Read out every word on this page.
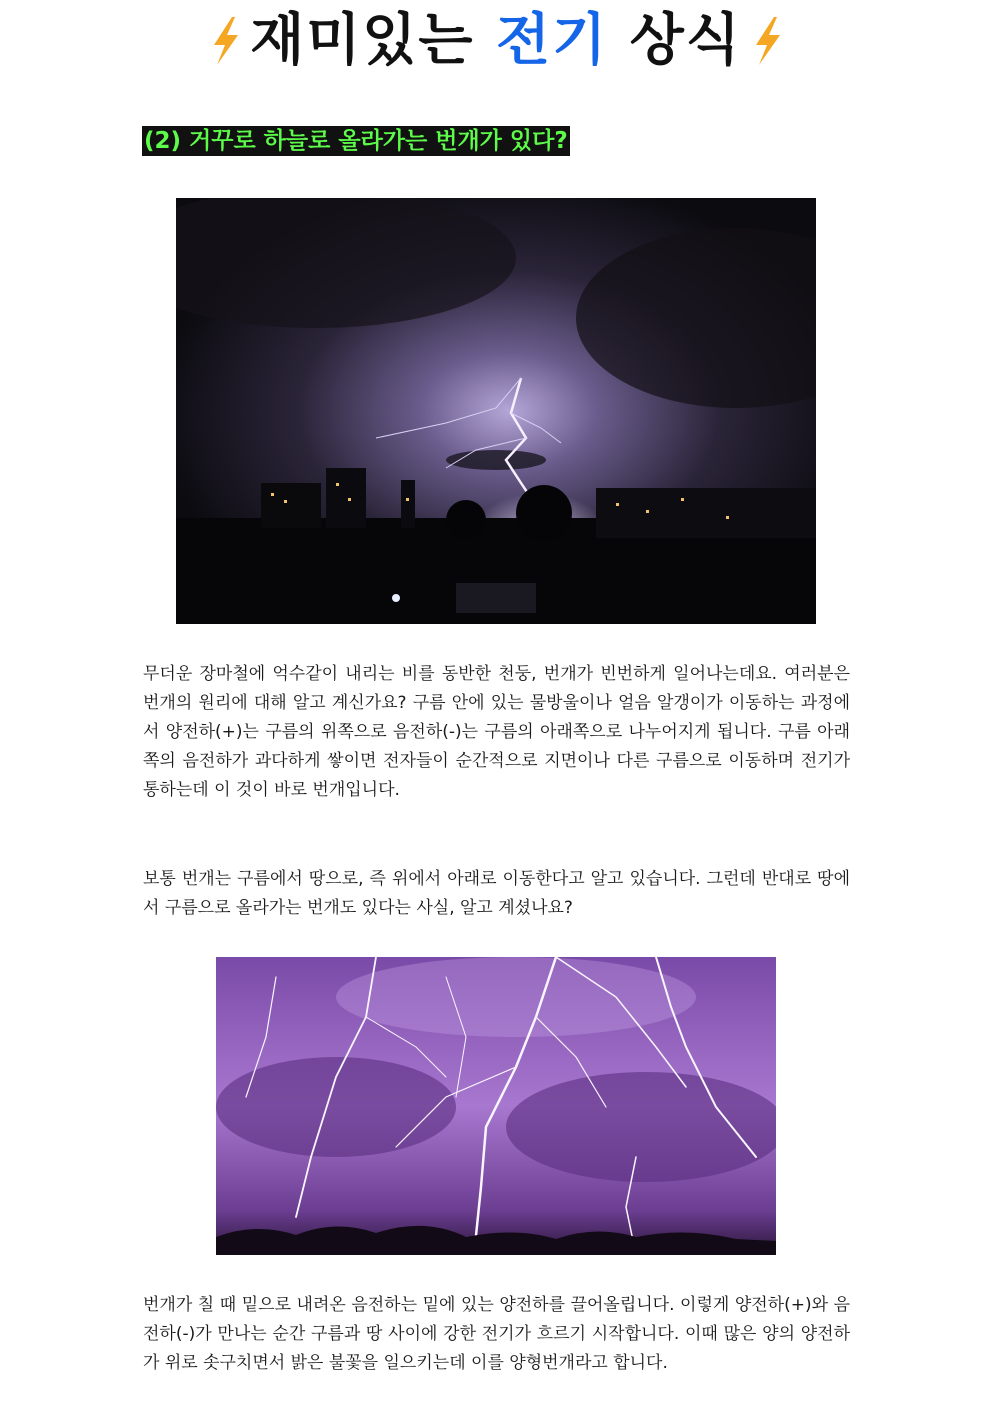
재미있는 전기 상식
(2) 거꾸로 하늘로 올라가는 번개가 있다?

무더운 장마철에 억수같이 내리는 비를 동반한 천둥, 번개가 빈번하게 일어나는데요. 여러분은 번개의 원리에 대해 알고 계신가요? 구름 안에 있는 물방울이나 얼음 알갱이가 이동하는 과정에서 양전하(+)는 구름의 위쪽으로 음전하(-)는 구름의 아래쪽으로 나누어지게 됩니다. 구름 아래쪽의 음전하가 과다하게 쌓이면 전자들이 순간적으로 지면이나 다른 구름으로 이동하며 전기가 통하는데 이 것이 바로 번개입니다.

보통 번개는 구름에서 땅으로, 즉 위에서 아래로 이동한다고 알고 있습니다. 그런데 반대로 땅에서 구름으로 올라가는 번개도 있다는 사실, 알고 계셨나요?

번개가 칠 때 밑으로 내려온 음전하는 밑에 있는 양전하를 끌어올립니다. 이렇게 양전하(+)와 음전하(-)가 만나는 순간 구름과 땅 사이에 강한 전기가 흐르기 시작합니다. 이때 많은 양의 양전하가 위로 솟구치면서 밝은 불꽃을 일으키는데 이를 양형번개라고 합니다.
